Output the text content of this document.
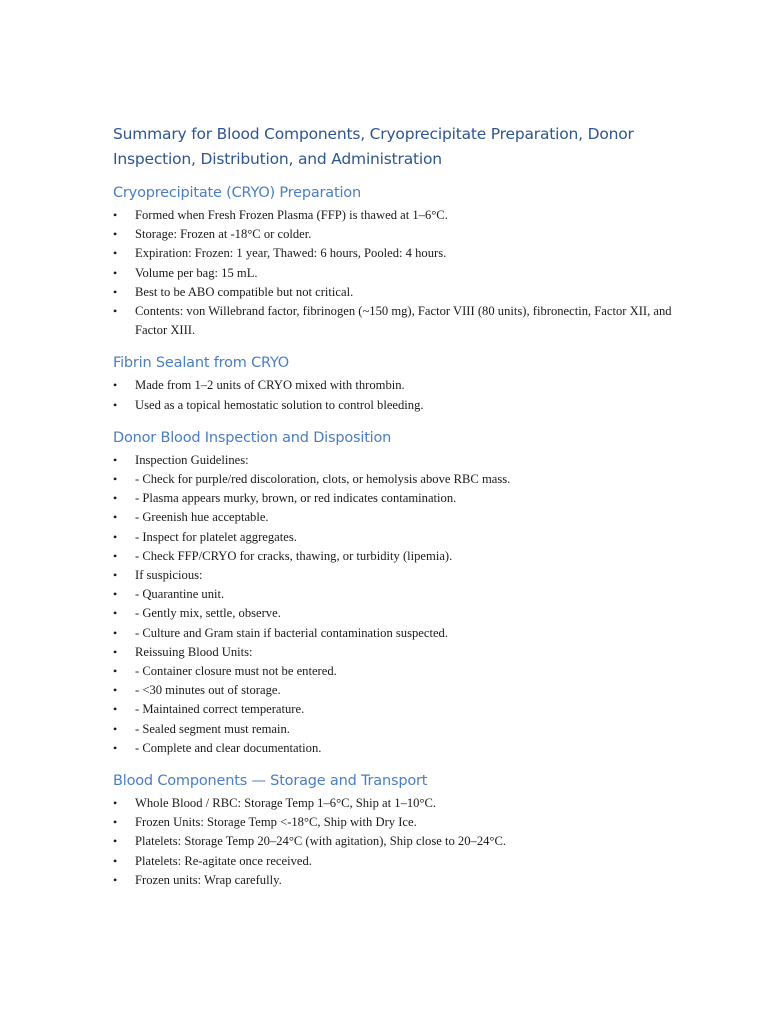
Summary for Blood Components, Cryoprecipitate Preparation, Donor Inspection, Distribution, and Administration
Cryoprecipitate (CRYO) Preparation
• Formed when Fresh Frozen Plasma (FFP) is thawed at 1–6°C.
• Storage: Frozen at -18°C or colder.
• Expiration: Frozen: 1 year, Thawed: 6 hours, Pooled: 4 hours.
• Volume per bag: 15 mL.
• Best to be ABO compatible but not critical.
• Contents: von Willebrand factor, fibrinogen (~150 mg), Factor VIII (80 units), fibronectin, Factor XII, and Factor XIII.
Fibrin Sealant from CRYO
• Made from 1–2 units of CRYO mixed with thrombin.
• Used as a topical hemostatic solution to control bleeding.
Donor Blood Inspection and Disposition
• Inspection Guidelines:
• - Check for purple/red discoloration, clots, or hemolysis above RBC mass.
• - Plasma appears murky, brown, or red indicates contamination.
• - Greenish hue acceptable.
• - Inspect for platelet aggregates.
• - Check FFP/CRYO for cracks, thawing, or turbidity (lipemia).
• If suspicious:
• - Quarantine unit.
• - Gently mix, settle, observe.
• - Culture and Gram stain if bacterial contamination suspected.
• Reissuing Blood Units:
• - Container closure must not be entered.
• - <30 minutes out of storage.
• - Maintained correct temperature.
• - Sealed segment must remain.
• - Complete and clear documentation.
Blood Components — Storage and Transport
• Whole Blood / RBC: Storage Temp 1–6°C, Ship at 1–10°C.
• Frozen Units: Storage Temp <-18°C, Ship with Dry Ice.
• Platelets: Storage Temp 20–24°C (with agitation), Ship close to 20–24°C.
• Platelets: Re-agitate once received.
• Frozen units: Wrap carefully.
